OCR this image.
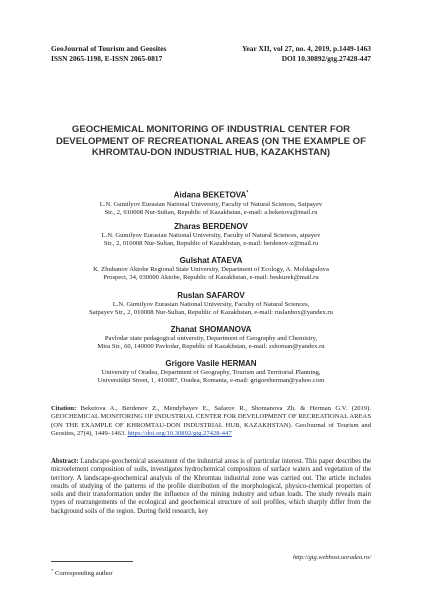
GeoJournal of Tourism and Geosites
ISSN 2065-1198, E-ISSN 2065-0817
Year XII, vol 27, no. 4, 2019, p.1449-1463
DOI 10.30892/gtg.27428-447
GEOCHEMICAL MONITORING OF INDUSTRIAL CENTER FOR DEVELOPMENT OF RECREATIONAL AREAS (ON THE EXAMPLE OF KHROMTAU-DON INDUSTRIAL HUB, KAZAKHSTAN)
Aidana BEKETOVA*
L.N. Gumilyov Eurasian National University, Faculty of Natural Sciences, Satpayev
Str., 2, 010008 Nur-Sultan, Republic of Kazakhstan, e-mail: a.beketova@mail.ru
Zharas BERDENOV
L.N. Gumilyov Eurasian National University, Faculty of Natural Sciences, atpayev
Str., 2, 010008 Nur-Sultan, Republic of Kazakhstan, e-mail: berdenov-z@mail.ru
Gulshat ATAEVA
K. Zhubanov Aktobe Regional State University, Department of Ecology, A. Moldagulova
Prospect, 34, 030000 Aktobe, Republic of Kazakhstan, e-mail: beskurek@mail.ru
Ruslan SAFAROV
L.N. Gumilyov Eurasian National University, Faculty of Natural Sciences,
Satpayev Str., 2, 010008 Nur-Sultan, Republic of Kazakhstan, e-mail: ruslanbox@yandex.ru
Zhanat SHOMANOVA
Pavlodar state pedagogical university, Department of Geography and Chemistry,
Mira Str., 60, 140000 Pavlodar, Republic of Kazakhstan, e-mail: zshoman@yandex.ru
Grigore Vasile HERMAN
University of Oradea, Department of Geography, Tourism and Territorial Planning,
Universității Street, 1, 410087, Oradea, Romania, e-mail: grigoreherman@yahoo.com
Citation: Beketova A., Berdenov Z., Mendybayev E., Safarov R., Shomanova Zh. & Herman G.V. (2019). GEOCHEMICAL MONITORING OF INDUSTRIAL CENTER FOR DEVELOPMENT OF RECREATIONAL AREAS (ON THE EXAMPLE OF KHROMTAU-DON INDUSTRIAL HUB, KAZAKHSTAN). GeoJournal of Tourism and Geosites, 27(4), 1449–1463. https://doi.org/10.30892/gtg.27428-447
Abstract: Landscape-geochemical assessment of the industrial areas is of particular interest. This paper describes the microelement composition of soils, investigates hydrochemical composition of surface waters and vegetation of the territory. A landscape-geochemical analysis of the Khromtau industrial zone was carried out. The article includes results of studying of the patterns of the profile distribution of the morphological, physico-chemical properties of soils and their transformation under the influence of the mining industry and urban loads. The study reveals main types of rearrangements of the ecological and geochemical structure of soil profiles, which sharply differ from the background soils of the region. During field research, key
http://gtg.webhost.uoradea.ro/
* Corresponding author
